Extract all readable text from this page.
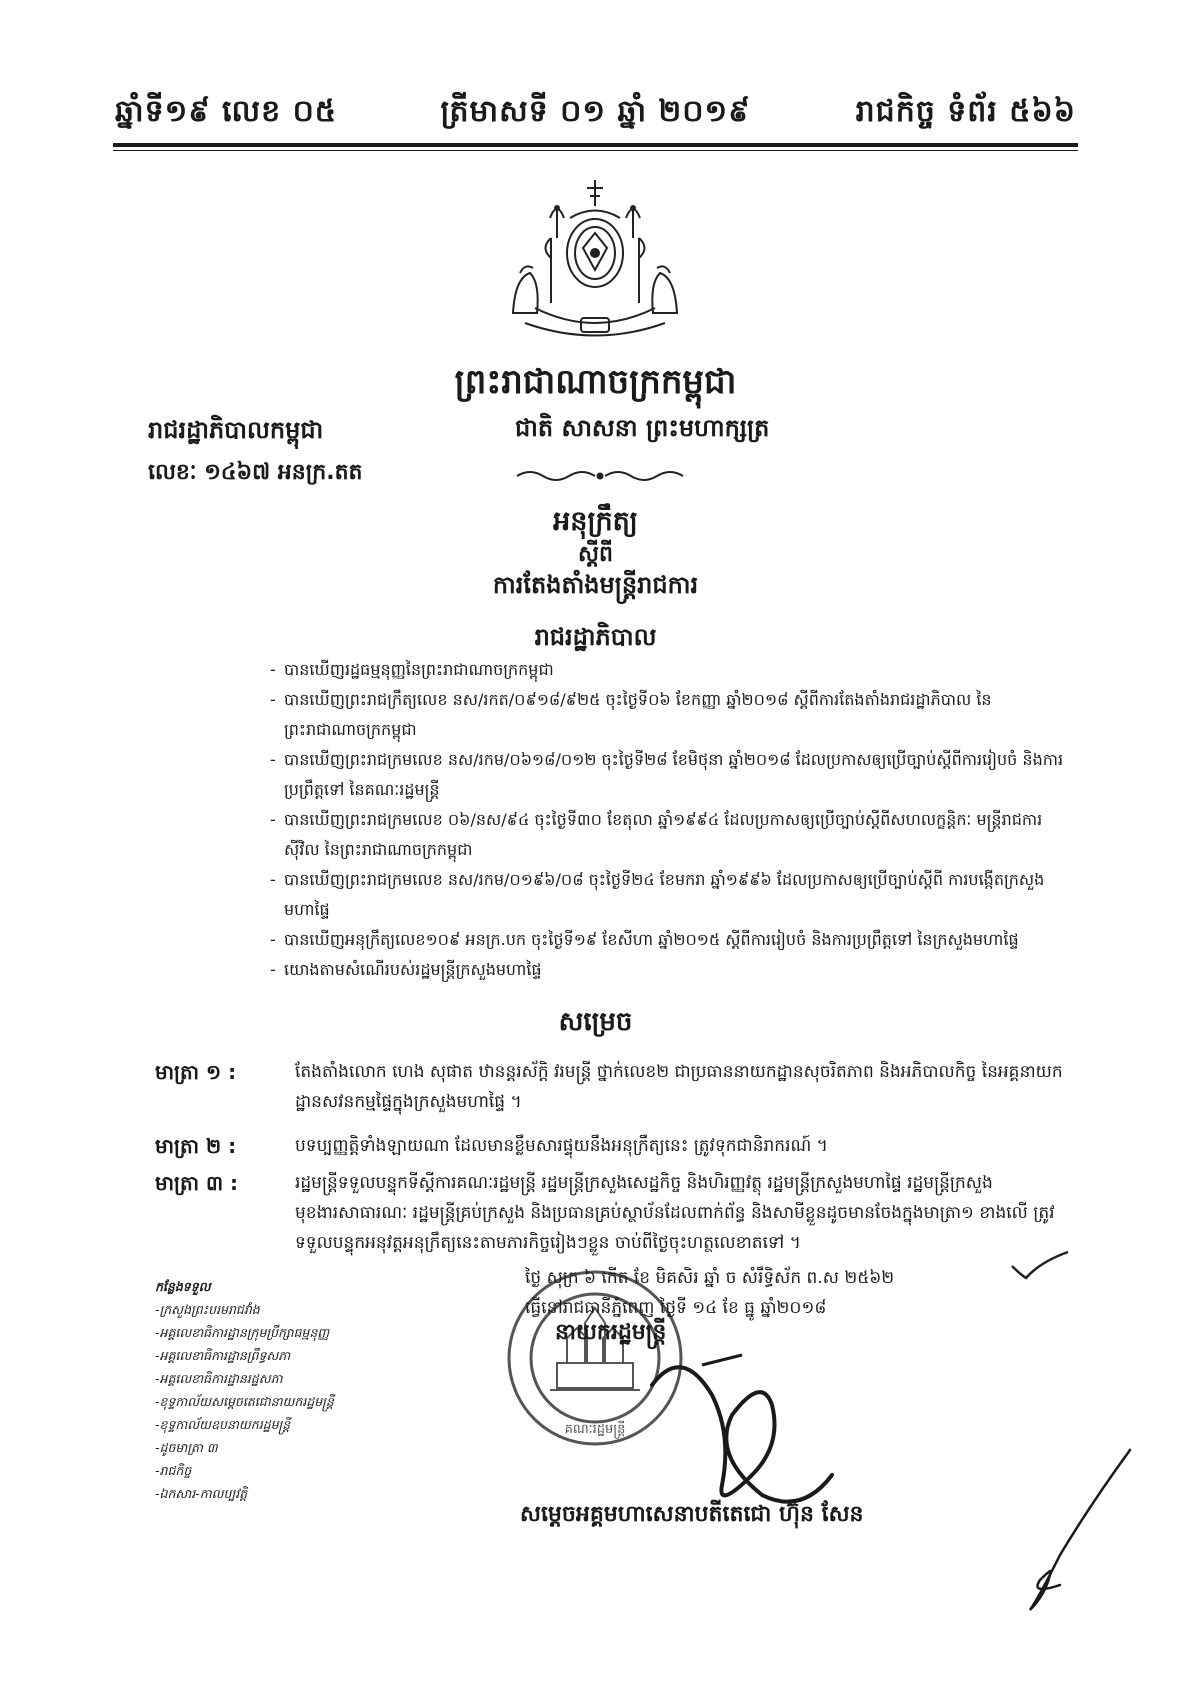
ឆ្នាំទី១៩ លេខ ០៥	ត្រីមាសទី ០១ ឆ្នាំ ២០១៩	រាជកិច្ច ទំព័រ ៥៦៦
ព្រះរាជាណាចក្រកម្ពុជា
ជាតិ សាសនា ព្រះមហាក្សត្រ
រាជរដ្ឋាភិបាលកម្ពុជា
លេខៈ ១៤៦៧ អនក្រ.តត
អនុក្រឹត្យ
ស្ដីពី
ការតែងតាំងមន្ត្រីរាជការ
រាជរដ្ឋាភិបាល
- បានឃើញរដ្ឋធម្មនុញ្ញនៃព្រះរាជាណាចក្រកម្ពុជា
- បានឃើញព្រះរាជក្រឹត្យលេខ នស/រកត/០៩១៨/៩២៥ ចុះថ្ងៃទី០៦ ខែកញ្ញា ឆ្នាំ២០១៨ ស្ដីពីការតែងតាំងរាជរដ្ឋាភិបាល នៃព្រះរាជាណាចក្រកម្ពុជា
- បានឃើញព្រះរាជក្រមលេខ នស/រកម/០៦១៨/០១២ ចុះថ្ងៃទី២៨ ខែមិថុនា ឆ្នាំ២០១៨ ដែលប្រកាសឲ្យប្រើច្បាប់ស្ដីពីការរៀបចំ និងការប្រព្រឹត្តទៅ នៃគណៈរដ្ឋមន្ត្រី
- បានឃើញព្រះរាជក្រមលេខ ០៦/នស/៩៤ ចុះថ្ងៃទី៣០ ខែតុលា ឆ្នាំ១៩៩៤ ដែលប្រកាសឲ្យប្រើច្បាប់ស្ដីពីសហលក្ខន្តិកៈ មន្ត្រីរាជការស៊ីវិល នៃព្រះរាជាណាចក្រកម្ពុជា
- បានឃើញព្រះរាជក្រមលេខ នស/រកម/០១៩៦/០៨ ចុះថ្ងៃទី២៤ ខែមករា ឆ្នាំ១៩៩៦ ដែលប្រកាសឲ្យប្រើច្បាប់ស្ដីពី ការបង្កើតក្រសួងមហាផ្ទៃ
- បានឃើញអនុក្រឹត្យលេខ១០៩ អនក្រ.បក ចុះថ្ងៃទី១៩ ខែសីហា ឆ្នាំ២០១៥ ស្ដីពីការរៀបចំ និងការប្រព្រឹត្តទៅ នៃក្រសួងមហាផ្ទៃ
- យោងតាមសំណើរបស់រដ្ឋមន្ត្រីក្រសួងមហាផ្ទៃ
សម្រេច
មាត្រា ១ :	តែងតាំងលោក ហេង សុផាត ឋានន្តរស័ក្តិ វរមន្ត្រី ថ្នាក់លេខ២ ជាប្រធាននាយកដ្ឋានសុចរិតភាព និងអភិបាលកិច្ច នៃអគ្គនាយកដ្ឋានសវនកម្មផ្ទៃក្នុងក្រសួងមហាផ្ទៃ ។
មាត្រា ២ :	បទប្បញ្ញត្តិទាំងឡាយណា ដែលមានខ្លឹមសារផ្ទុយនឹងអនុក្រឹត្យនេះ ត្រូវទុកជានិរាករណ៍ ។
មាត្រា ៣ :	រដ្ឋមន្ត្រីទទួលបន្ទុកទីស្ដីការគណៈរដ្ឋមន្ត្រី រដ្ឋមន្ត្រីក្រសួងសេដ្ឋកិច្ច និងហិរញ្ញវត្ថុ រដ្ឋមន្ត្រីក្រសួងមហាផ្ទៃ រដ្ឋមន្ត្រីក្រសួងមុខងារសាធារណៈ រដ្ឋមន្ត្រីគ្រប់ក្រសួង និងប្រធានគ្រប់ស្ថាប័នដែលពាក់ព័ន្ធ និងសាមីខ្លួនដូចមានចែងក្នុងមាត្រា១ ខាងលើ ត្រូវទទួលបន្ទុកអនុវត្តអនុក្រឹត្យនេះតាមភារកិច្ចរៀងៗខ្លួន ចាប់ពីថ្ងៃចុះហត្ថលេខាតទៅ ។
កន្លែងទទួល
-ក្រសួងព្រះបរមរាជវាំង
-អគ្គលេខាធិការដ្ឋានក្រុមប្រឹក្សាធម្មនុញ្ញ
-អគ្គលេខាធិការដ្ឋានព្រឹទ្ធសភា
-អគ្គលេខាធិការដ្ឋានរដ្ឋសភា
-ខុទ្ទកាល័យសម្ដេចតេជោនាយករដ្ឋមន្ត្រី
-ខុទ្ទកាល័យឧបនាយករដ្ឋមន្ត្រី
-ដូចមាត្រា ៣
-រាជកិច្ច
-ឯកសារ-កាលប្បវត្តិ
គណៈរដ្ឋមន្ត្រី
ថ្ងៃ សុក្រ ៦ កើត ខែ មិគសិរ ឆ្នាំ ច សំរឹទ្ធិស័ក ព.ស ២៥៦២
ធ្វើនៅរាជធានីភ្នំពេញ ថ្ងៃទី ១៤ ខែ ធ្នូ ឆ្នាំ២០១៨
នាយករដ្ឋមន្ត្រី
សម្ដេចអគ្គមហាសេនាបតីតេជោ ហ៊ុន សែន
